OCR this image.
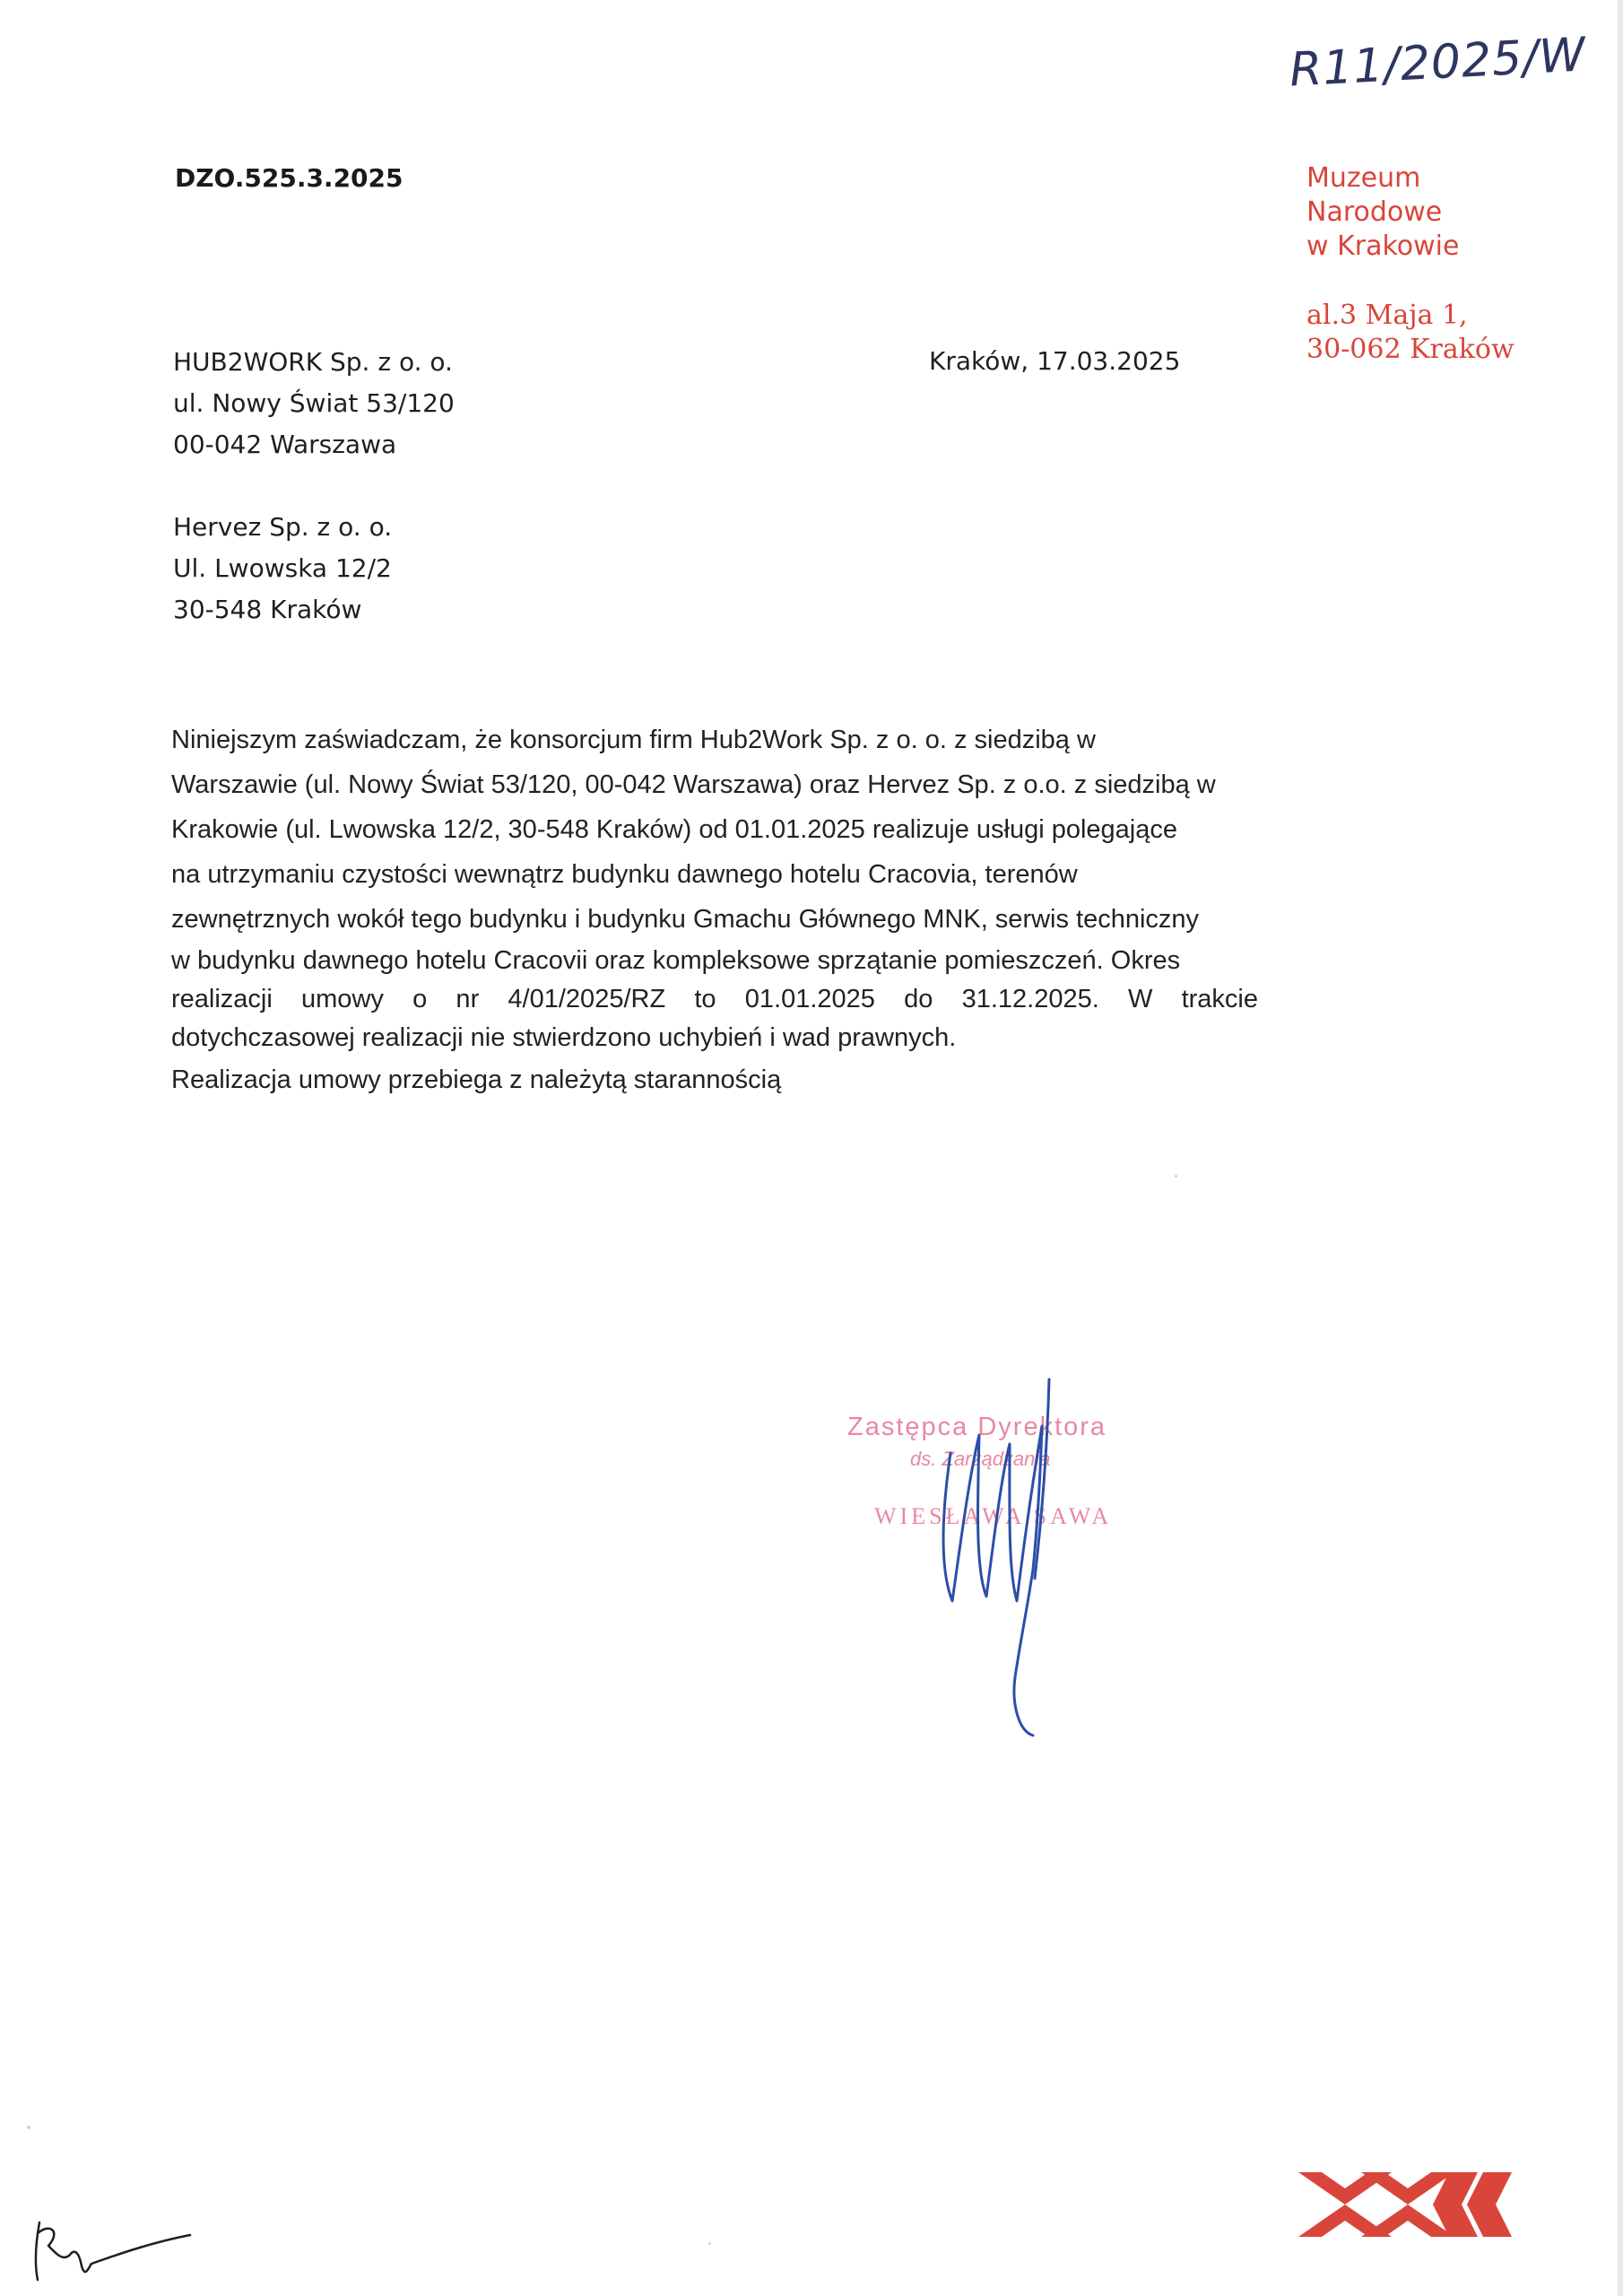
R11/2025/W
DZO.525.3.2025	Muzeum
Narodowe
w Krakowie
al.3 Maja 1,
30-062 Kraków
Kraków, 17.03.2025
HUB2WORK Sp. z o. o.
ul. Nowy Świat 53/120
00-042 Warszawa
Hervez Sp. z o. o.
Ul. Lwowska 12/2
30-548 Kraków
Niniejszym zaświadczam, że konsorcjum firm Hub2Work Sp. z o. o. z siedzibą w
Warszawie (ul. Nowy Świat 53/120, 00-042 Warszawa) oraz Hervez Sp. z o.o. z siedzibą w
Krakowie (ul. Lwowska 12/2, 30-548 Kraków) od 01.01.2025 realizuje usługi polegające
na utrzymaniu czystości wewnątrz budynku dawnego hotelu Cracovia, terenów
zewnętrznych wokół tego budynku i budynku Gmachu Głównego MNK, serwis techniczny
w budynku dawnego hotelu Cracovii oraz kompleksowe sprzątanie pomieszczeń. Okres
realizacji umowy o nr 4/01/2025/RZ to 01.01.2025 do 31.12.2025. W trakcie
dotychczasowej realizacji nie stwierdzono uchybień i wad prawnych.
Realizacja umowy przebiega z należytą starannością
Zastępca Dyrektora
ds. Zarządzania
WIESŁAWA SAWA
